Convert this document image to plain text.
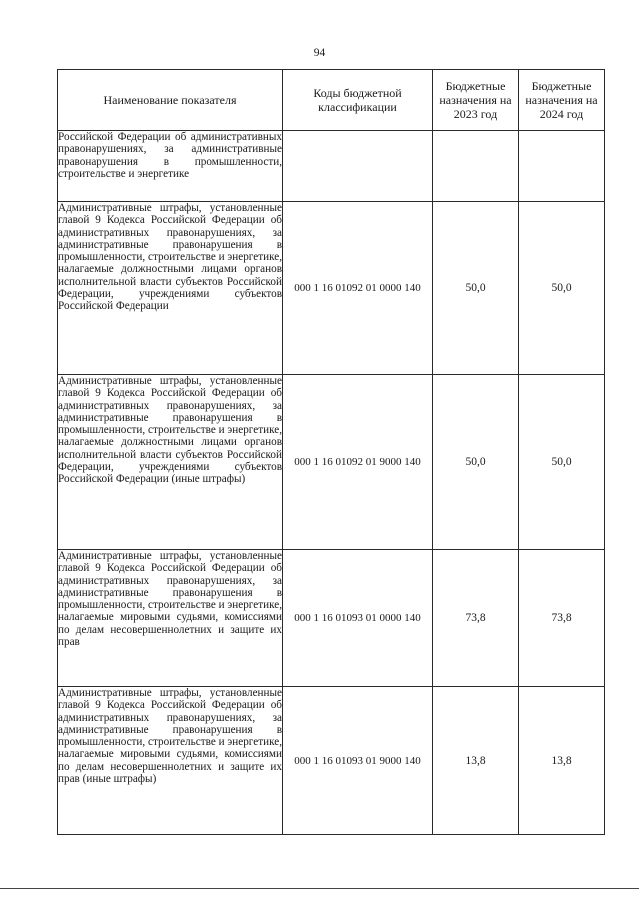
94
Наименование показателя	Коды бюджетной классификации	Бюджетные назначения на 2023 год	Бюджетные назначения на 2024 год
Российской Федерации об административных правонарушениях, за административные правонарушения в промышленности, строительстве и энергетике			
Административные штрафы, установленные главой 9 Кодекса Российской Федерации об административных правонарушениях, за административные правонарушения в промышленности, строительстве и энергетике, налагаемые должностными лицами органов исполнительной власти субъектов Российской Федерации, учреждениями субъектов Российской Федерации	000 1 16 01092 01 0000 140	50,0	50,0
Административные штрафы, установленные главой 9 Кодекса Российской Федерации об административных правонарушениях, за административные правонарушения в промышленности, строительстве и энергетике, налагаемые должностными лицами органов исполнительной власти субъектов Российской Федерации, учреждениями субъектов Российской Федерации (иные штрафы)	000 1 16 01092 01 9000 140	50,0	50,0
Административные штрафы, установленные главой 9 Кодекса Российской Федерации об административных правонарушениях, за административные правонарушения в промышленности, строительстве и энергетике, налагаемые мировыми судьями, комиссиями по делам несовершеннолетних и защите их прав	000 1 16 01093 01 0000 140	73,8	73,8
Административные штрафы, установленные главой 9 Кодекса Российской Федерации об административных правонарушениях, за административные правонарушения в промышленности, строительстве и энергетике, налагаемые мировыми судьями, комиссиями по делам несовершеннолетних и защите их прав (иные штрафы)	000 1 16 01093 01 9000 140	13,8	13,8
